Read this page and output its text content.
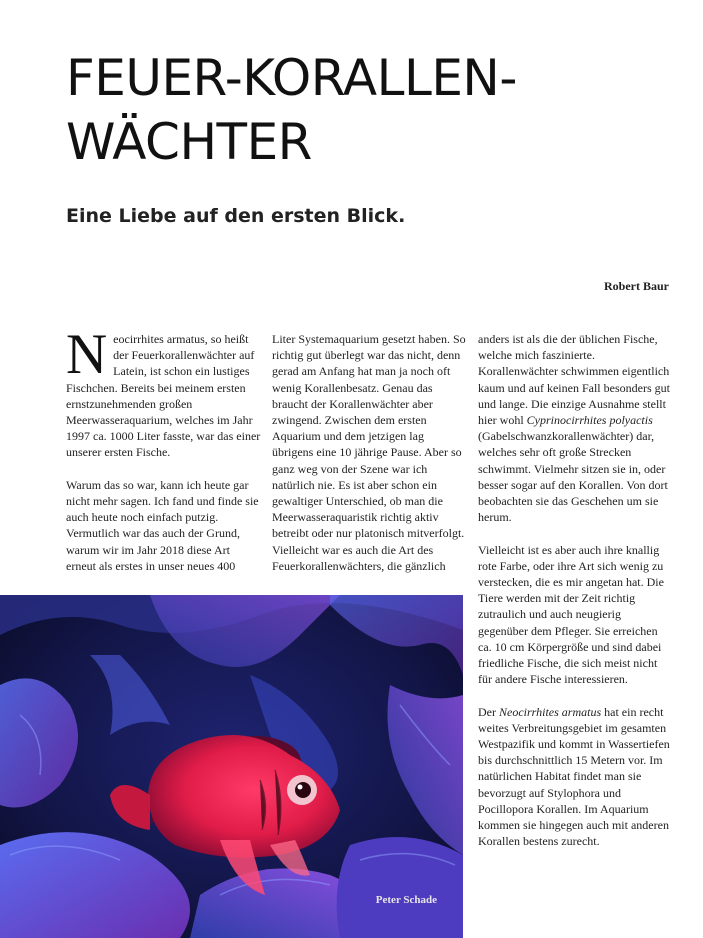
FEUER-KORALLEN-
WÄCHTER
Eine Liebe auf den ersten Blick.
Robert Baur

Neocirrhites armatus, so heißt der Feuerkorallenwächter auf Latein, ist schon ein lustiges Fischchen. Bereits bei meinem ersten ernstzunehmenden großen Meerwasseraquarium, welches im Jahr 1997 ca. 1000 Liter fasste, war das einer unserer ersten Fische.

Warum das so war, kann ich heute gar nicht mehr sagen. Ich fand und finde sie auch heute noch einfach putzig. Vermutlich war das auch der Grund, warum wir im Jahr 2018 diese Art erneut als erstes in unser neues 400

Liter Systemaquarium gesetzt haben. So richtig gut überlegt war das nicht, denn gerad am Anfang hat man ja noch oft wenig Korallenbesatz. Genau das braucht der Korallenwächter aber zwingend. Zwischen dem ersten Aquarium und dem jetzigen lag übrigens eine 10 jährige Pause. Aber so ganz weg von der Szene war ich natürlich nie. Es ist aber schon ein gewaltiger Unterschied, ob man die Meerwasseraquaristik richtig aktiv betreibt oder nur platonisch mitverfolgt. Vielleicht war es auch die Art des Feuerkorallenwächters, die gänzlich

anders ist als die der üblichen Fische, welche mich faszinierte. Korallenwächter schwimmen eigentlich kaum und auf keinen Fall besonders gut und lange. Die einzige Ausnahme stellt hier wohl Cyprinocirrhites polyactis (Gabelschwanzkorallenwächter) dar, welches sehr oft große Strecken schwimmt. Vielmehr sitzen sie in, oder besser sogar auf den Korallen. Von dort beobachten sie das Geschehen um sie herum.

Vielleicht ist es aber auch ihre knallig rote Farbe, oder ihre Art sich wenig zu verstecken, die es mir angetan hat. Die Tiere werden mit der Zeit richtig zutraulich und auch neugierig gegenüber dem Pfleger. Sie erreichen ca. 10 cm Körpergröße und sind dabei friedliche Fische, die sich meist nicht für andere Fische interessieren.

Der Neocirrhites armatus hat ein recht weites Verbreitungsgebiet im gesamten Westpazifik und kommt in Wassertiefen bis durchschnittlich 15 Metern vor. Im natürlichen Habitat findet man sie bevorzugt auf Stylophora und Pocillopora Korallen. Im Aquarium kommen sie hingegen auch mit anderen Korallen bestens zurecht.

Peter Schade
